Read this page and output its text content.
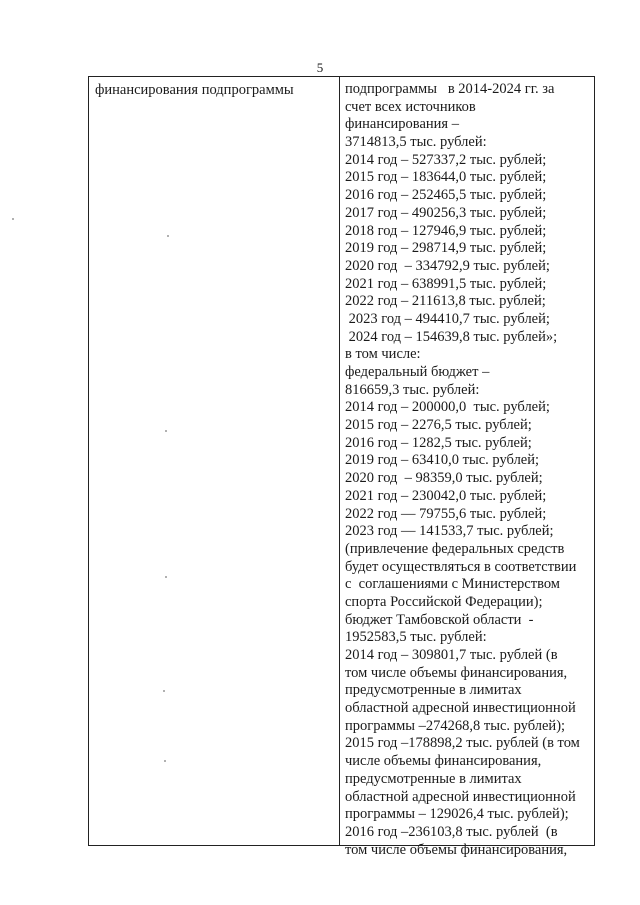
5
финансирования подпрограммы	подпрограммы   в 2014-2024 гг. за
счет всех источников
финансирования –
3714813,5 тыс. рублей:
2014 год – 527337,2 тыс. рублей;
2015 год – 183644,0 тыс. рублей;
2016 год – 252465,5 тыс. рублей;
2017 год – 490256,3 тыс. рублей;
2018 год – 127946,9 тыс. рублей;
2019 год – 298714,9 тыс. рублей;
2020 год  – 334792,9 тыс. рублей;
2021 год – 638991,5 тыс. рублей;
2022 год – 211613,8 тыс. рублей;
2023 год – 494410,7 тыс. рублей;
2024 год – 154639,8 тыс. рублей»;
в том числе:
федеральный бюджет –
816659,3 тыс. рублей:
2014 год – 200000,0  тыс. рублей;
2015 год – 2276,5 тыс. рублей;
2016 год – 1282,5 тыс. рублей;
2019 год – 63410,0 тыс. рублей;
2020 год  – 98359,0 тыс. рублей;
2021 год – 230042,0 тыс. рублей;
2022 год — 79755,6 тыс. рублей;
2023 год — 141533,7 тыс. рублей;
(привлечение федеральных средств
будет осуществляться в соответствии
с  соглашениями с Министерством
спорта Российской Федерации);
бюджет Тамбовской области  -
1952583,5 тыс. рублей:
2014 год – 309801,7 тыс. рублей (в
том числе объемы финансирования,
предусмотренные в лимитах
областной адресной инвестиционной
программы –274268,8 тыс. рублей);
2015 год –178898,2 тыс. рублей (в том
числе объемы финансирования,
предусмотренные в лимитах
областной адресной инвестиционной
программы – 129026,4 тыс. рублей);
2016 год –236103,8 тыс. рублей  (в
том числе объемы финансирования,
